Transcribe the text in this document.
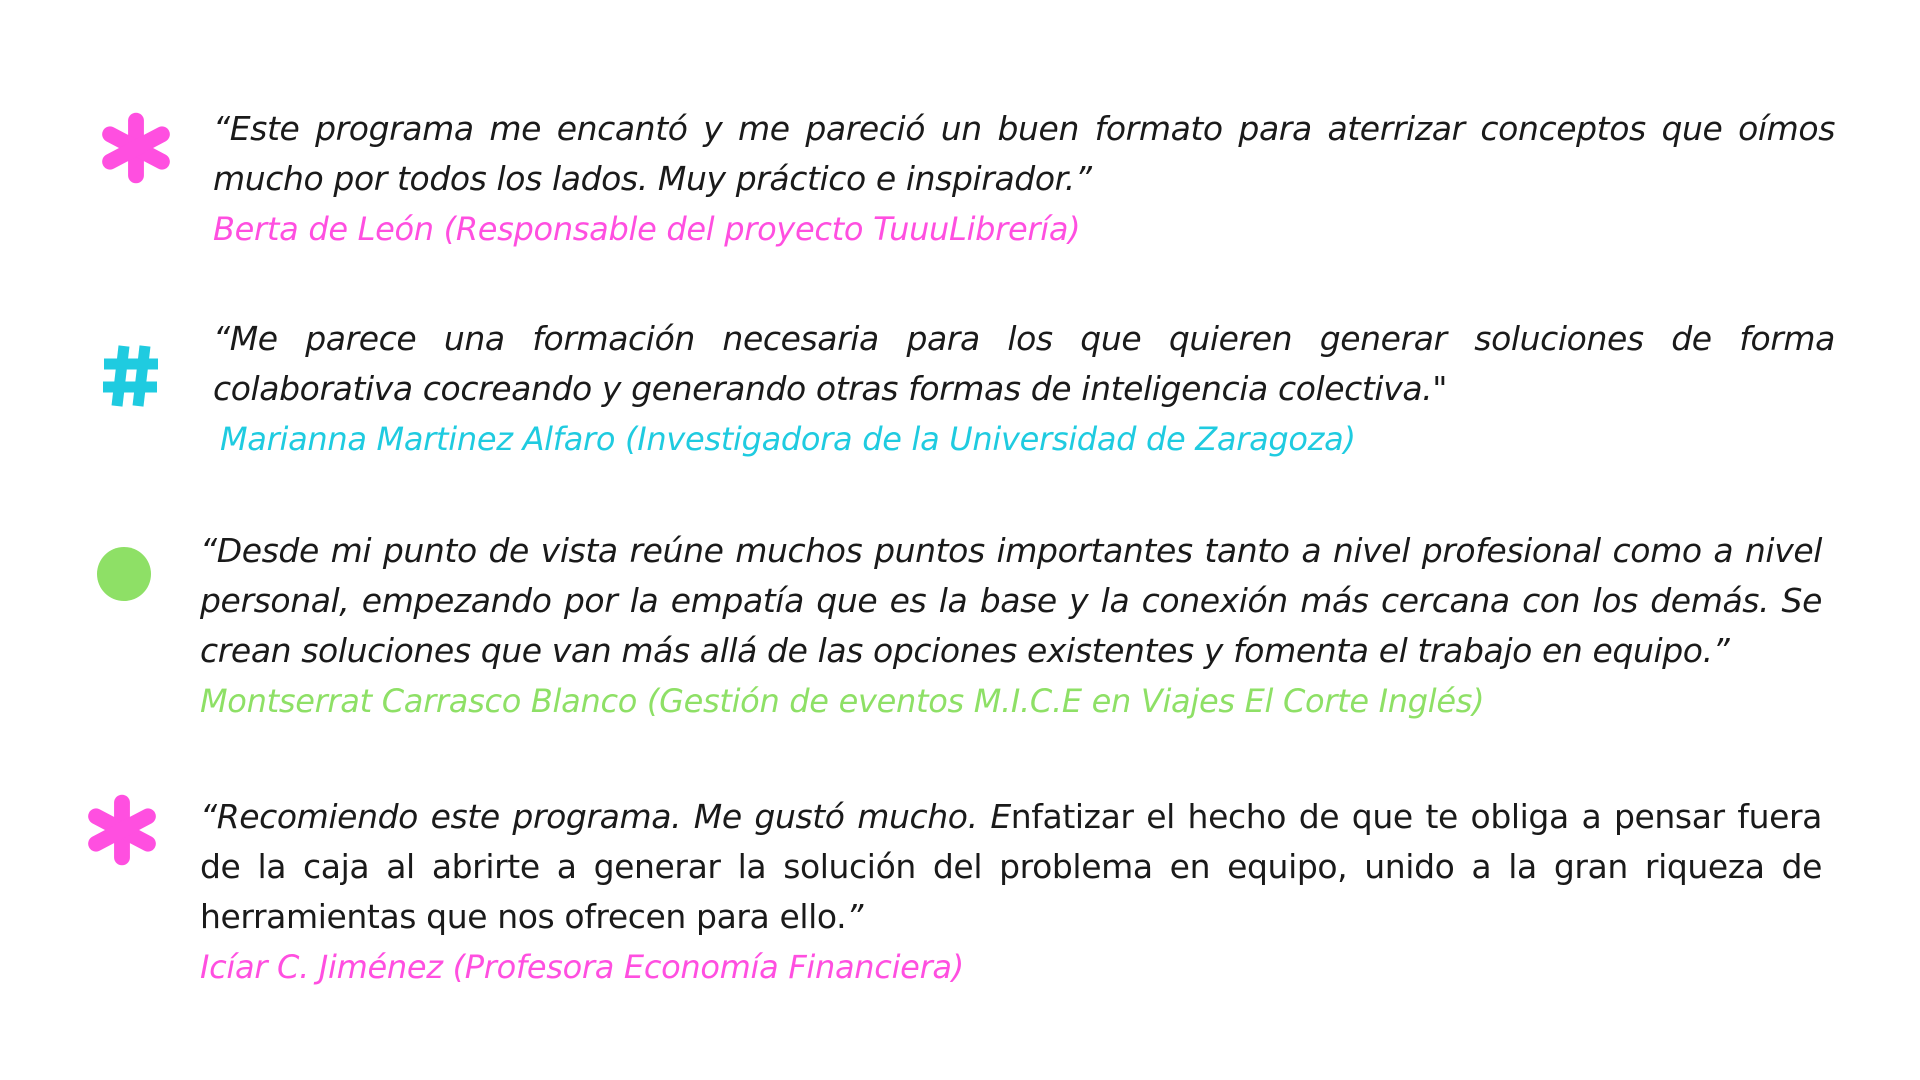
“Este programa me encantó y me pareció un buen formato para aterrizar conceptos que oímos mucho por todos los lados. Muy práctico e inspirador.”

Berta de León (Responsable del proyecto TuuuLibrería)

“Me parece una formación necesaria para los que quieren generar soluciones de forma colaborativa cocreando y generando otras formas de inteligencia colectiva."

Marianna Martinez Alfaro (Investigadora de la Universidad de Zaragoza)

“Desde mi punto de vista reúne muchos puntos importantes tanto a nivel profesional como a nivel personal, empezando por la empatía que es la base y la conexión más cercana con los demás. Se crean soluciones que van más allá de las opciones existentes y fomenta el trabajo en equipo.”

Montserrat Carrasco Blanco (Gestión de eventos M.I.C.E en Viajes El Corte Inglés)

“Recomiendo este programa. Me gustó mucho. Enfatizar el hecho de que te obliga a pensar fuera de la caja al abrirte a generar la solución del problema en equipo, unido a la gran riqueza de herramientas que nos ofrecen para ello.”

Icíar C. Jiménez (Profesora Economía Financiera)
